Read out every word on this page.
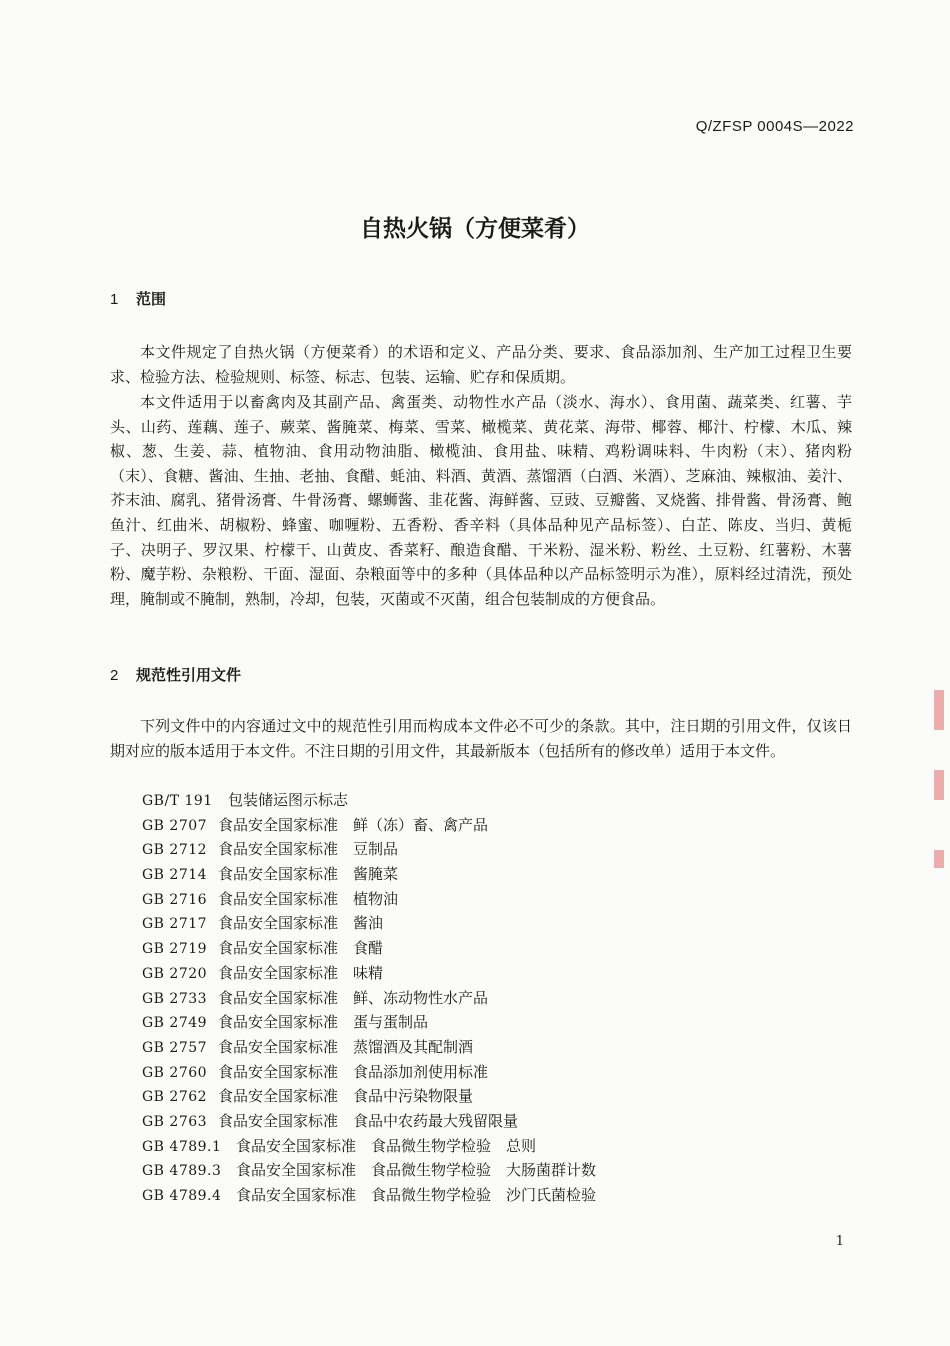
Q/ZFSP 0004S—2022
自热火锅（方便菜肴）
1 范围

本文件规定了自热火锅（方便菜肴）的术语和定义、产品分类、要求、食品添加剂、生产加工过程卫生要求、检验方法、检验规则、标签、标志、包装、运输、贮存和保质期。

本文件适用于以畜禽肉及其副产品、禽蛋类、动物性水产品（淡水、海水）、食用菌、蔬菜类、红薯、芋头、山药、莲藕、莲子、蕨菜、酱腌菜、梅菜、雪菜、橄榄菜、黄花菜、海带、椰蓉、椰汁、柠檬、木瓜、辣椒、葱、生姜、蒜、植物油、食用动物油脂、橄榄油、食用盐、味精、鸡粉调味料、牛肉粉（末）、猪肉粉（末）、食糖、酱油、生抽、老抽、食醋、蚝油、料酒、黄酒、蒸馏酒（白酒、米酒）、芝麻油、辣椒油、姜汁、芥末油、腐乳、猪骨汤膏、牛骨汤膏、螺蛳酱、韭花酱、海鲜酱、豆豉、豆瓣酱、叉烧酱、排骨酱、骨汤膏、鲍鱼汁、红曲米、胡椒粉、蜂蜜、咖喱粉、五香粉、香辛料（具体品种见产品标签）、白芷、陈皮、当归、黄栀子、决明子、罗汉果、柠檬干、山黄皮、香菜籽、酿造食醋、干米粉、湿米粉、粉丝、土豆粉、红薯粉、木薯粉、魔芋粉、杂粮粉、干面、湿面、杂粮面等中的多种（具体品种以产品标签明示为准），原料经过清洗，预处理，腌制或不腌制，熟制，冷却，包装，灭菌或不灭菌，组合包装制成的方便食品。

2 规范性引用文件

下列文件中的内容通过文中的规范性引用而构成本文件必不可少的条款。其中，注日期的引用文件，仅该日期对应的版本适用于本文件。不注日期的引用文件，其最新版本（包括所有的修改单）适用于本文件。

GB/T 191 包装储运图示标志
GB 2707 食品安全国家标准　鲜（冻）畜、禽产品
GB 2712 食品安全国家标准　豆制品
GB 2714 食品安全国家标准　酱腌菜
GB 2716 食品安全国家标准　植物油
GB 2717 食品安全国家标准　酱油
GB 2719 食品安全国家标准　食醋
GB 2720 食品安全国家标准　味精
GB 2733 食品安全国家标准　鲜、冻动物性水产品
GB 2749 食品安全国家标准　蛋与蛋制品
GB 2757 食品安全国家标准　蒸馏酒及其配制酒
GB 2760 食品安全国家标准　食品添加剂使用标准
GB 2762 食品安全国家标准　食品中污染物限量
GB 2763 食品安全国家标准　食品中农药最大残留限量
GB 4789.1 食品安全国家标准　食品微生物学检验　总则
GB 4789.3 食品安全国家标准　食品微生物学检验　大肠菌群计数
GB 4789.4 食品安全国家标准　食品微生物学检验　沙门氏菌检验
1
